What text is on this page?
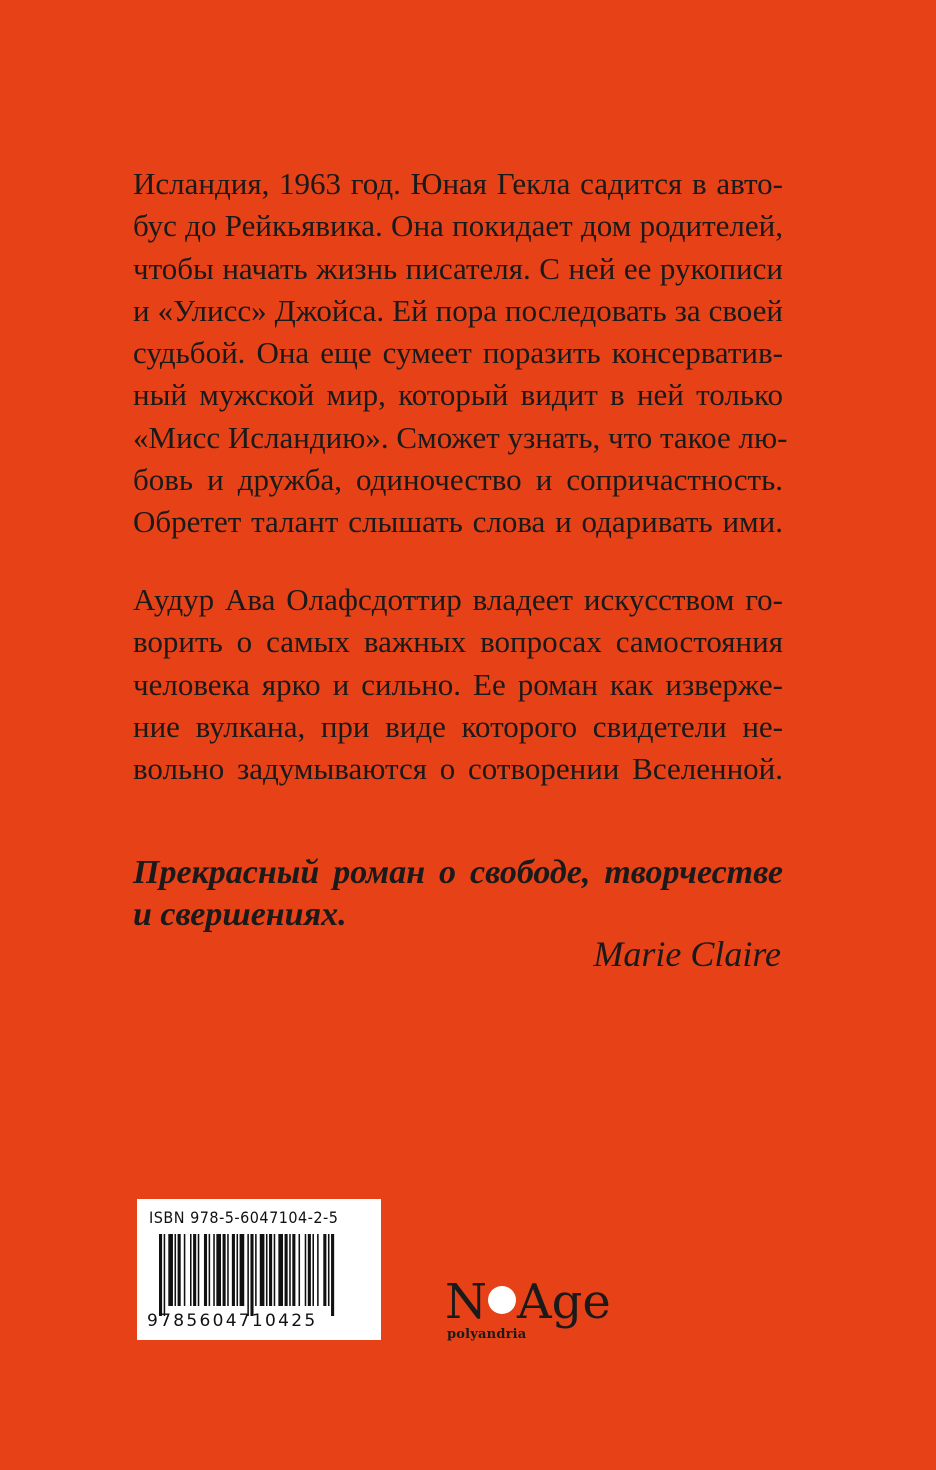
Исландия, 1963 год. Юная Гекла садится в авто-
бус до Рейкьявика. Она покидает дом родителей,
чтобы начать жизнь писателя. С ней ее рукописи
и «Улисс» Джойса. Ей пора последовать за своей
судьбой. Она еще сумеет поразить консерватив-
ный мужской мир, который видит в ней только
«Мисс Исландию». Сможет узнать, что такое лю-
бовь и дружба, одиночество и сопричастность.
Обретет талант слышать слова и одаривать ими.
Аудур Ава Олафсдоттир владеет искусством го-
ворить о самых важных вопросах самостояния
человека ярко и сильно. Ее роман как изверже-
ние вулкана, при виде которого свидетели не-
вольно задумываются о сотворении Вселенной.
Прекрасный роман о свободе, творчестве
и свершениях.
Marie Claire
ISBN 978-5-6047104-2-5
9785604710425	N Age
polyandria
